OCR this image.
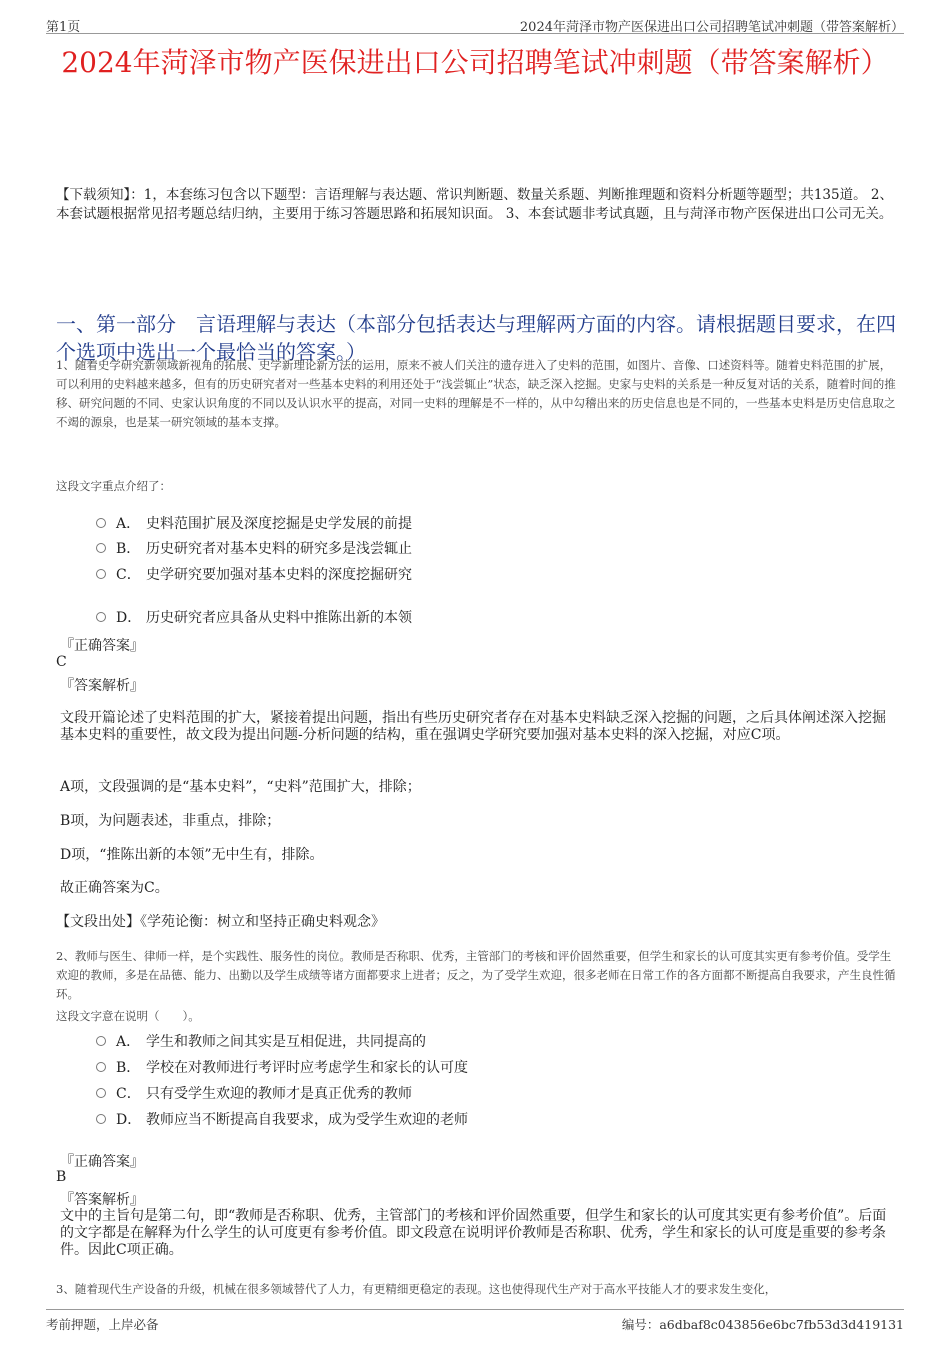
第1页	2024年菏泽市物产医保进出口公司招聘笔试冲刺题（带答案解析）
2024年菏泽市物产医保进出口公司招聘笔试冲刺题（带答案解析）
【下载须知】：1，本套练习包含以下题型：言语理解与表达题、常识判断题、数量关系题、判断推理题和资料分析题等题型；共135道。 2、本套试题根据常见招考题总结归纳，主要用于练习答题思路和拓展知识面。 3、本套试题非考试真题，且与菏泽市物产医保进出口公司无关。
一、第一部分　言语理解与表达（本部分包括表达与理解两方面的内容。请根据题目要求，在四个选项中选出一个最恰当的答案。）
1、随着史学研究新领域新视角的拓展、史学新理论新方法的运用，原来不被人们关注的遗存进入了史料的范围，如图片、音像、口述资料等。随着史料范围的扩展，可以利用的史料越来越多，但有的历史研究者对一些基本史料的利用还处于“浅尝辄止”状态，缺乏深入挖掘。史家与史料的关系是一种反复对话的关系，随着时间的推移、研究问题的不同、史家认识角度的不同以及认识水平的提高，对同一史料的理解是不一样的，从中勾稽出来的历史信息也是不同的，一些基本史料是历史信息取之不竭的源泉，也是某一研究领域的基本支撑。
这段文字重点介绍了：
A． 史料范围扩展及深度挖掘是史学发展的前提
B． 历史研究者对基本史料的研究多是浅尝辄止
C． 史学研究要加强对基本史料的深度挖掘研究
D． 历史研究者应具备从史料中推陈出新的本领
『正确答案』
C
『答案解析』
文段开篇论述了史料范围的扩大，紧接着提出问题，指出有些历史研究者存在对基本史料缺乏深入挖掘的问题，之后具体阐述深入挖掘基本史料的重要性，故文段为提出问题-分析问题的结构，重在强调史学研究要加强对基本史料的深入挖掘，对应C项。
A项，文段强调的是“基本史料”，“史料”范围扩大，排除；
B项，为问题表述，非重点，排除；
D项，“推陈出新的本领”无中生有，排除。
故正确答案为C。
【文段出处】《学苑论衡：树立和坚持正确史料观念》
2、教师与医生、律师一样，是个实践性、服务性的岗位。教师是否称职、优秀，主管部门的考核和评价固然重要，但学生和家长的认可度其实更有参考价值。受学生欢迎的教师，多是在品德、能力、出勤以及学生成绩等诸方面都要求上进者；反之，为了受学生欢迎，很多老师在日常工作的各方面都不断提高自我要求，产生良性循环。
这段文字意在说明（　　）。
A． 学生和教师之间其实是互相促进，共同提高的
B． 学校在对教师进行考评时应考虑学生和家长的认可度
C． 只有受学生欢迎的教师才是真正优秀的教师
D． 教师应当不断提高自我要求，成为受学生欢迎的老师
『正确答案』
B
『答案解析』
文中的主旨句是第二句，即“教师是否称职、优秀，主管部门的考核和评价固然重要，但学生和家长的认可度其实更有参考价值”。后面的文字都是在解释为什么学生的认可度更有参考价值。即文段意在说明评价教师是否称职、优秀，学生和家长的认可度是重要的参考条件。因此C项正确。
3、随着现代生产设备的升级，机械在很多领域替代了人力，有更精细更稳定的表现。这也使得现代生产对于高水平技能人才的要求发生变化，
考前押题，上岸必备	编号：a6dbaf8c043856e6bc7fb53d3d419131
